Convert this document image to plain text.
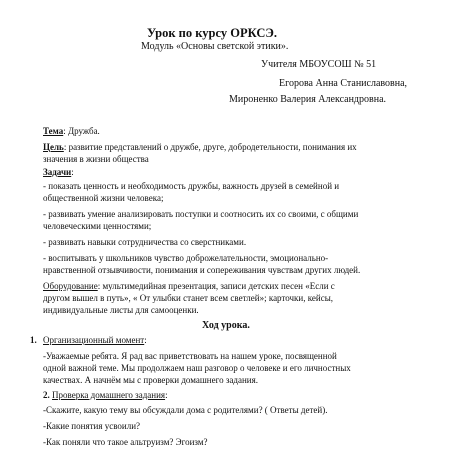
Урок по курсу ОРКСЭ.
Модуль «Основы светской этики».
Учителя МБОУСОШ № 51
Егорова Анна Станиславовна,
Мироненко Валерия Александровна.
Тема: Дружба.
Цель: развитие представлений о дружбе, друге, добродетельности, понимания их
значения в жизни общества
Задачи:
- показать ценность и необходимость дружбы, важность друзей в семейной и
общественной жизни человека;
- развивать умение анализировать поступки и соотносить их со своими, с общими
человеческими ценностями;
- развивать навыки сотрудничества со сверстниками.
- воспитывать у школьников чувство доброжелательности, эмоционально-
нравственной отзывчивости, понимания и сопереживания чувствам других людей.
Оборудование: мультимедийная презентация, записи детских песен «Если с
другом вышел в путь», « От улыбки станет всем светлей»; карточки, кейсы,
индивидуальные листы для самооценки.
Ход урока.
1. Организационный момент:
-Уважаемые ребята. Я рад вас приветствовать на нашем уроке, посвященной
одной важной теме. Мы продолжаем наш разговор о человеке и его личностных
качествах. А начнём мы с проверки домашнего задания.
2. Проверка домашнего задания:
-Скажите, какую тему вы обсуждали дома с родителями? ( Ответы детей).
-Какие понятия усвоили?
-Как поняли что такое альтруизм? Эгоизм?
